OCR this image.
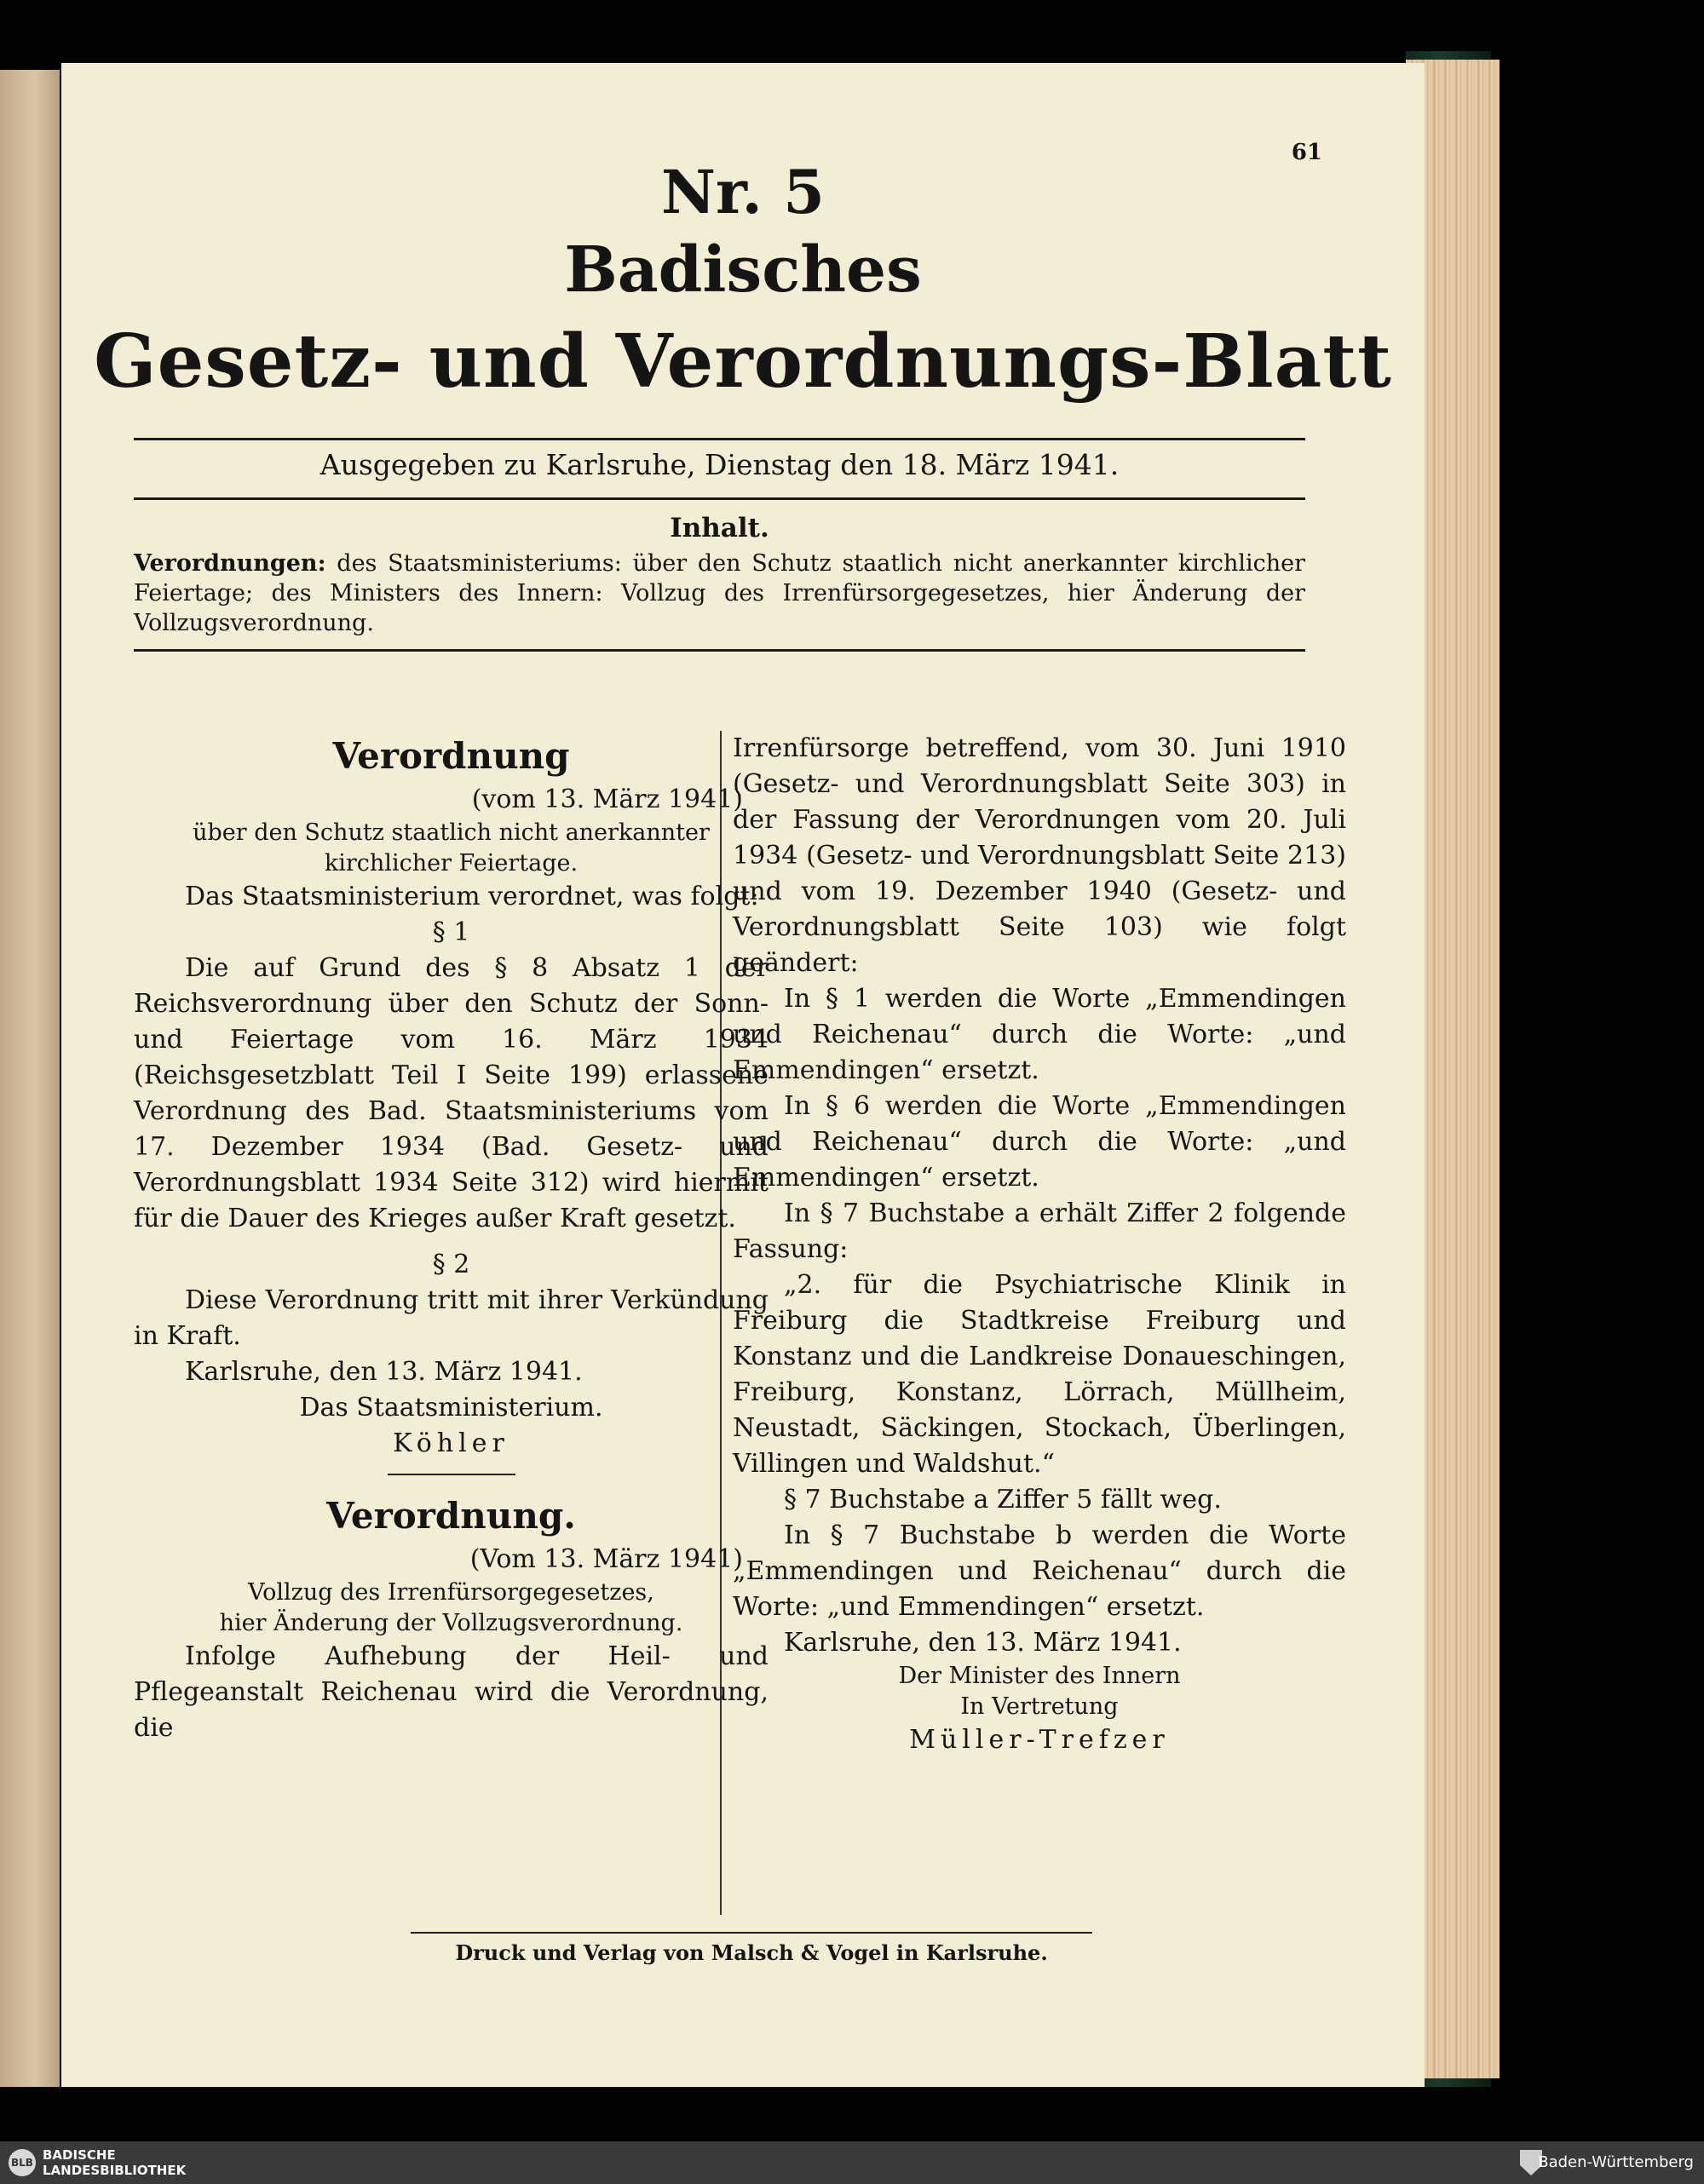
61
Nr. 5
Badisches
Gesetz- und Verordnungs-Blatt
Ausgegeben zu Karlsruhe, Dienstag den 18. März 1941.
Inhalt.
Verordnungen: des Staatsministeriums: über den Schutz staatlich nicht anerkannter kirchlicher Feiertage; des Ministers des Innern: Vollzug des Irrenfürsorgegesetzes, hier Änderung der Vollzugsverordnung.

Verordnung

(vom 13. März 1941)

über den Schutz staatlich nicht anerkannter kirchlicher Feiertage.

Das Staatsministerium verordnet, was folgt:

§ 1

Die auf Grund des § 8 Absatz 1 der Reichsverordnung über den Schutz der Sonn- und Feiertage vom 16. März 1934 (Reichsgesetzblatt Teil I Seite 199) erlassene Verordnung des Bad. Staatsministeriums vom 17. Dezember 1934 (Bad. Gesetz- und Verordnungsblatt 1934 Seite 312) wird hiermit für die Dauer des Krieges außer Kraft gesetzt.

§ 2

Diese Verordnung tritt mit ihrer Verkündung in Kraft.

Karlsruhe, den 13. März 1941.

Das Staatsministerium.

Köhler

Verordnung.

(Vom 13. März 1941)

Vollzug des Irrenfürsorgegesetzes,

hier Änderung der Vollzugsverordnung.

Infolge Aufhebung der Heil- und Pflegeanstalt Reichenau wird die Verordnung, die

Irrenfürsorge betreffend, vom 30. Juni 1910 (Gesetz- und Verordnungsblatt Seite 303) in der Fassung der Verordnungen vom 20. Juli 1934 (Gesetz- und Verordnungsblatt Seite 213) und vom 19. Dezember 1940 (Gesetz- und Verordnungsblatt Seite 103) wie folgt geändert:

In § 1 werden die Worte „Emmendingen und Reichenau“ durch die Worte: „und Emmendingen“ ersetzt.

In § 6 werden die Worte „Emmendingen und Reichenau“ durch die Worte: „und Emmendingen“ ersetzt.

In § 7 Buchstabe a erhält Ziffer 2 folgende Fassung:

„2. für die Psychiatrische Klinik in Freiburg die Stadtkreise Freiburg und Konstanz und die Landkreise Donaueschingen, Freiburg, Konstanz, Lörrach, Müllheim, Neustadt, Säckingen, Stockach, Überlingen, Villingen und Waldshut.“

§ 7 Buchstabe a Ziffer 5 fällt weg.

In § 7 Buchstabe b werden die Worte „Emmendingen und Reichenau“ durch die Worte: „und Emmendingen“ ersetzt.

Karlsruhe, den 13. März 1941.

Der Minister des Innern

In Vertretung

Müller-Trefzer

Druck und Verlag von Malsch & Vogel in Karlsruhe.
BLB BADISCHE
LANDESBIBLIOTHEK	Baden-Württemberg
